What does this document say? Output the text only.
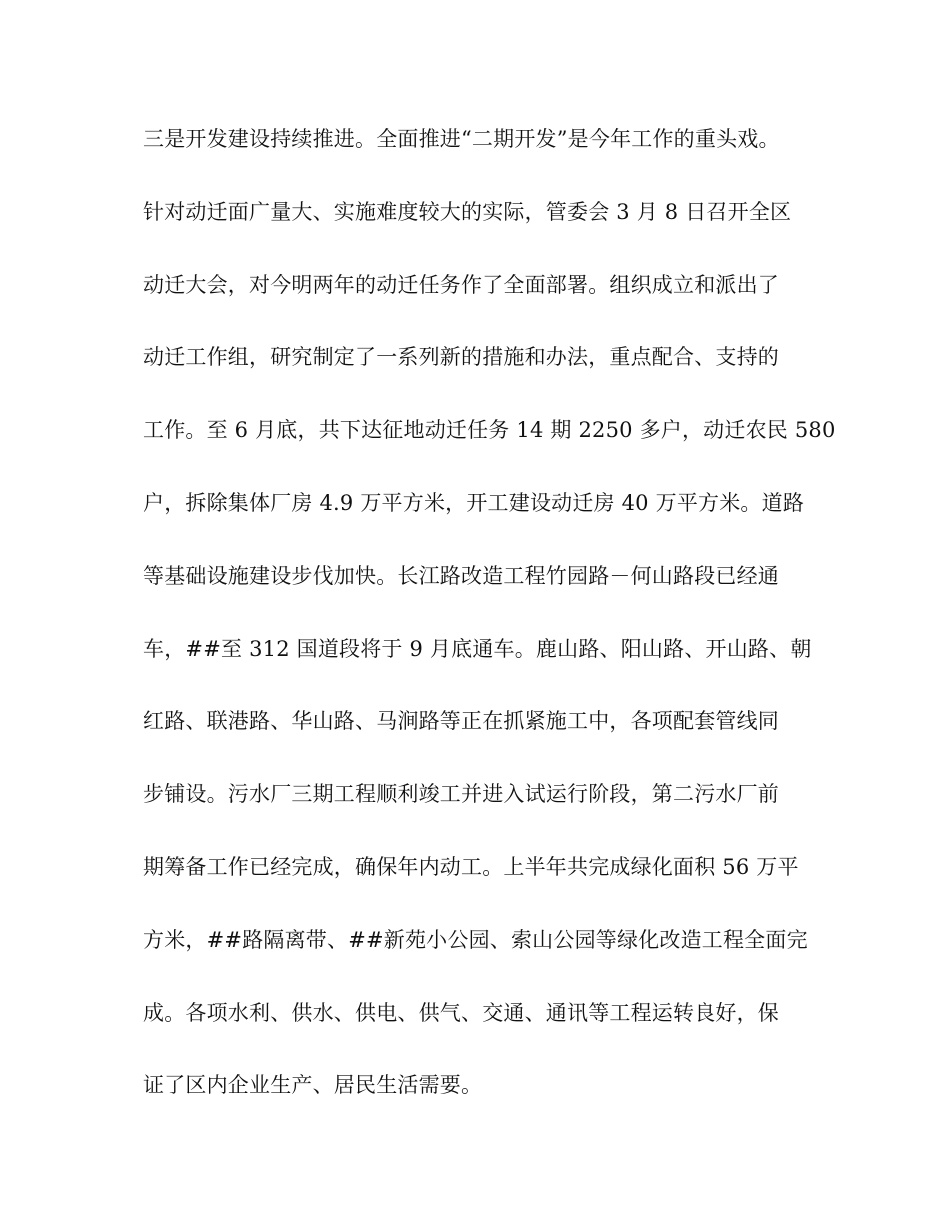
三是开发建设持续推进。全面推进“二期开发”是今年工作的重头戏。
针对动迁面广量大、实施难度较大的实际，管委会 3 月 8 日召开全区
动迁大会，对今明两年的动迁任务作了全面部署。组织成立和派出了
动迁工作组，研究制定了一系列新的措施和办法，重点配合、支持的
工作。至 6 月底，共下达征地动迁任务 14 期 2250 多户，动迁农民 580
户，拆除集体厂房 4.9 万平方米，开工建设动迁房 40 万平方米。道路
等基础设施建设步伐加快。长江路改造工程竹园路－何山路段已经通
车，##至 312 国道段将于 9 月底通车。鹿山路、阳山路、开山路、朝
红路、联港路、华山路、马涧路等正在抓紧施工中，各项配套管线同
步铺设。污水厂三期工程顺利竣工并进入试运行阶段，第二污水厂前
期筹备工作已经完成，确保年内动工。上半年共完成绿化面积 56 万平
方米，##路隔离带、##新苑小公园、索山公园等绿化改造工程全面完
成。各项水利、供水、供电、供气、交通、通讯等工程运转良好，保
证了区内企业生产、居民生活需要。
